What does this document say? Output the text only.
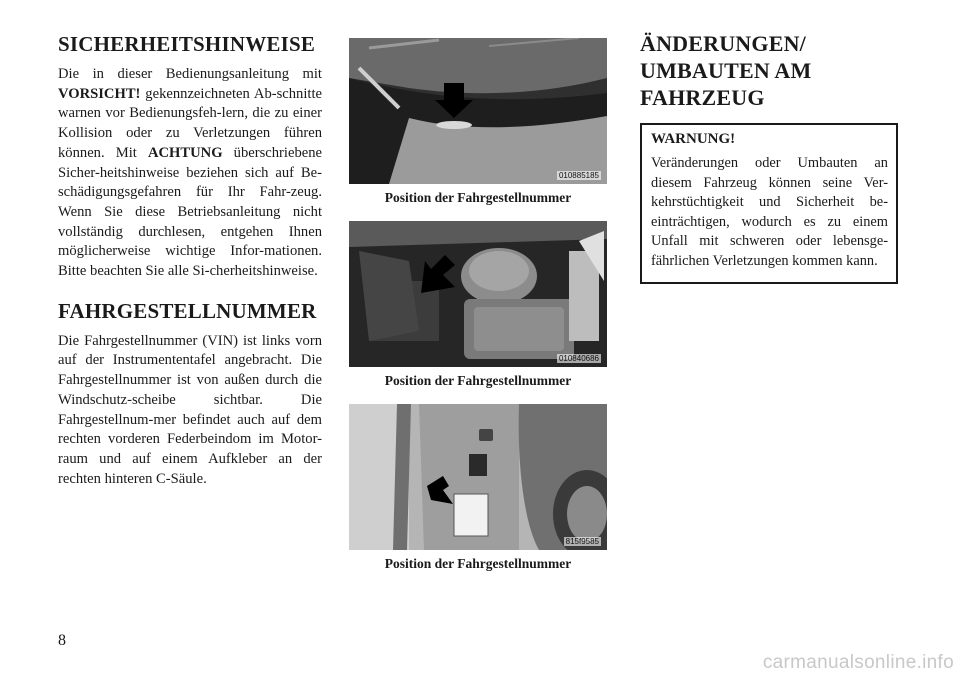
SICHERHEITSHINWEISE

Die in dieser Bedienungsanleitung mit VORSICHT! gekennzeichneten Ab-schnitte warnen vor Bedienungsfeh-lern, die zu einer Kollision oder zu Verletzungen führen können. Mit ACHTUNG überschriebene Sicher-heitshinweise beziehen sich auf Be-schädigungsgefahren für Ihr Fahr-zeug. Wenn Sie diese Betriebsanleitung nicht vollständig durchlesen, entgehen Ihnen möglicherweise wichtige Infor-mationen. Bitte beachten Sie alle Si-cherheitshinweise.

FAHRGESTELLNUMMER

Die Fahrgestellnummer (VIN) ist links vorn auf der Instrumententafel angebracht. Die Fahrgestellnummer ist von außen durch die Windschutz-scheibe sichtbar. Die Fahrgestellnum-mer befindet auch auf dem rechten vorderen Federbeindom im Motor-raum und auf einem Aufkleber an der rechten hinteren C-Säule.

010885185
Position der Fahrgestellnummer
010840686
Position der Fahrgestellnummer
815f9585
Position der Fahrgestellnummer
ÄNDERUNGEN/
UMBAUTEN AM
FAHRZEUG
WARNUNG!

Veränderungen oder Umbauten an diesem Fahrzeug können seine Ver-kehrstüchtigkeit und Sicherheit be-einträchtigen, wodurch es zu einem Unfall mit schweren oder lebensge-fährlichen Verletzungen kommen kann.

8
carmanualsonline.info
